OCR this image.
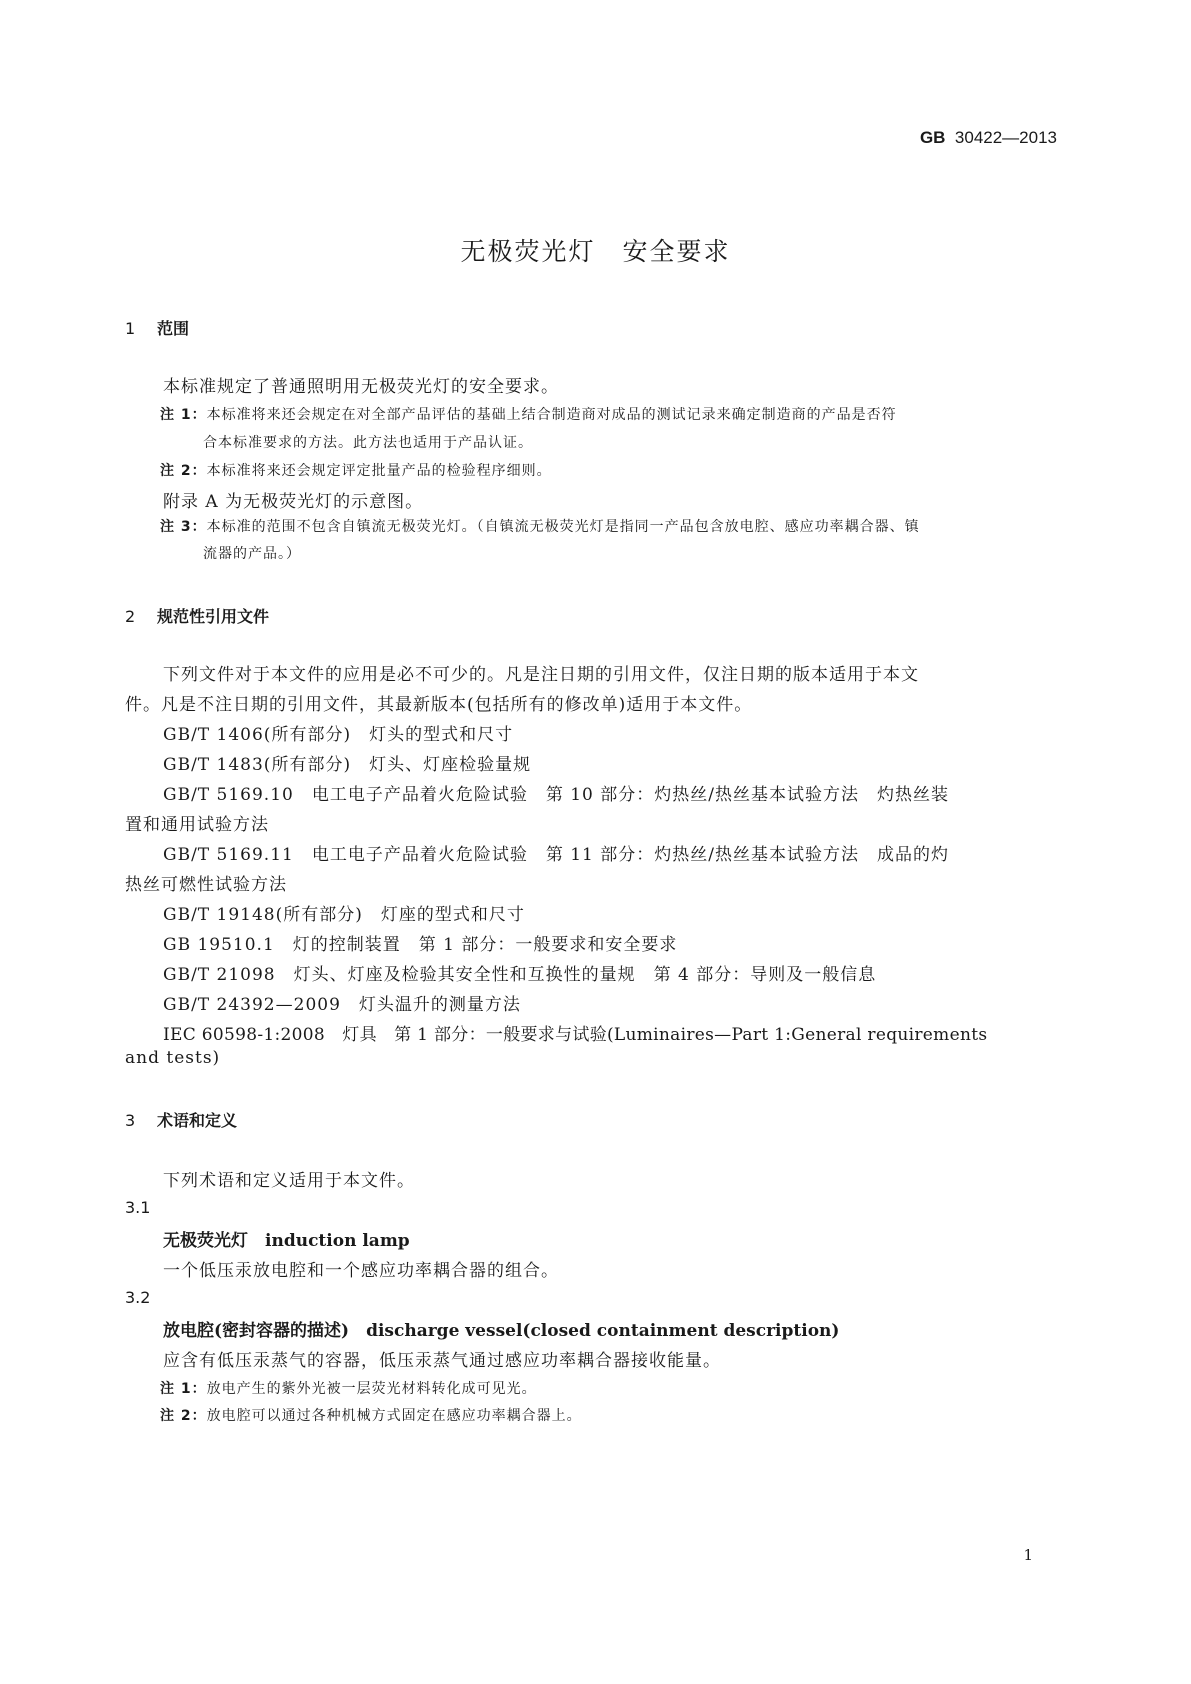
GB 30422—2013
无极荧光灯　安全要求
1 范围
本标准规定了普通照明用无极荧光灯的安全要求。
注 1：本标准将来还会规定在对全部产品评估的基础上结合制造商对成品的测试记录来确定制造商的产品是否符
合本标准要求的方法。此方法也适用于产品认证。
注 2：本标准将来还会规定评定批量产品的检验程序细则。
附录 A 为无极荧光灯的示意图。
注 3：本标准的范围不包含自镇流无极荧光灯。（自镇流无极荧光灯是指同一产品包含放电腔、感应功率耦合器、镇
流器的产品。）
2 规范性引用文件
下列文件对于本文件的应用是必不可少的。凡是注日期的引用文件，仅注日期的版本适用于本文
件。凡是不注日期的引用文件，其最新版本(包括所有的修改单)适用于本文件。
GB/T 1406(所有部分)　灯头的型式和尺寸
GB/T 1483(所有部分)　灯头、灯座检验量规
GB/T 5169.10　电工电子产品着火危险试验　第 10 部分：灼热丝/热丝基本试验方法　灼热丝装
置和通用试验方法
GB/T 5169.11　电工电子产品着火危险试验　第 11 部分：灼热丝/热丝基本试验方法　成品的灼
热丝可燃性试验方法
GB/T 19148(所有部分)　灯座的型式和尺寸
GB 19510.1　灯的控制装置　第 1 部分：一般要求和安全要求
GB/T 21098　灯头、灯座及检验其安全性和互换性的量规　第 4 部分：导则及一般信息
GB/T 24392—2009　灯头温升的测量方法
IEC 60598-1:2008　灯具　第 1 部分：一般要求与试验(Luminaires—Part 1:General requirements
and tests)
3 术语和定义
下列术语和定义适用于本文件。
3.1
无极荧光灯　induction lamp
一个低压汞放电腔和一个感应功率耦合器的组合。
3.2
放电腔(密封容器的描述)　discharge vessel(closed containment description)
应含有低压汞蒸气的容器，低压汞蒸气通过感应功率耦合器接收能量。
注 1：放电产生的紫外光被一层荧光材料转化成可见光。
注 2：放电腔可以通过各种机械方式固定在感应功率耦合器上。
1
